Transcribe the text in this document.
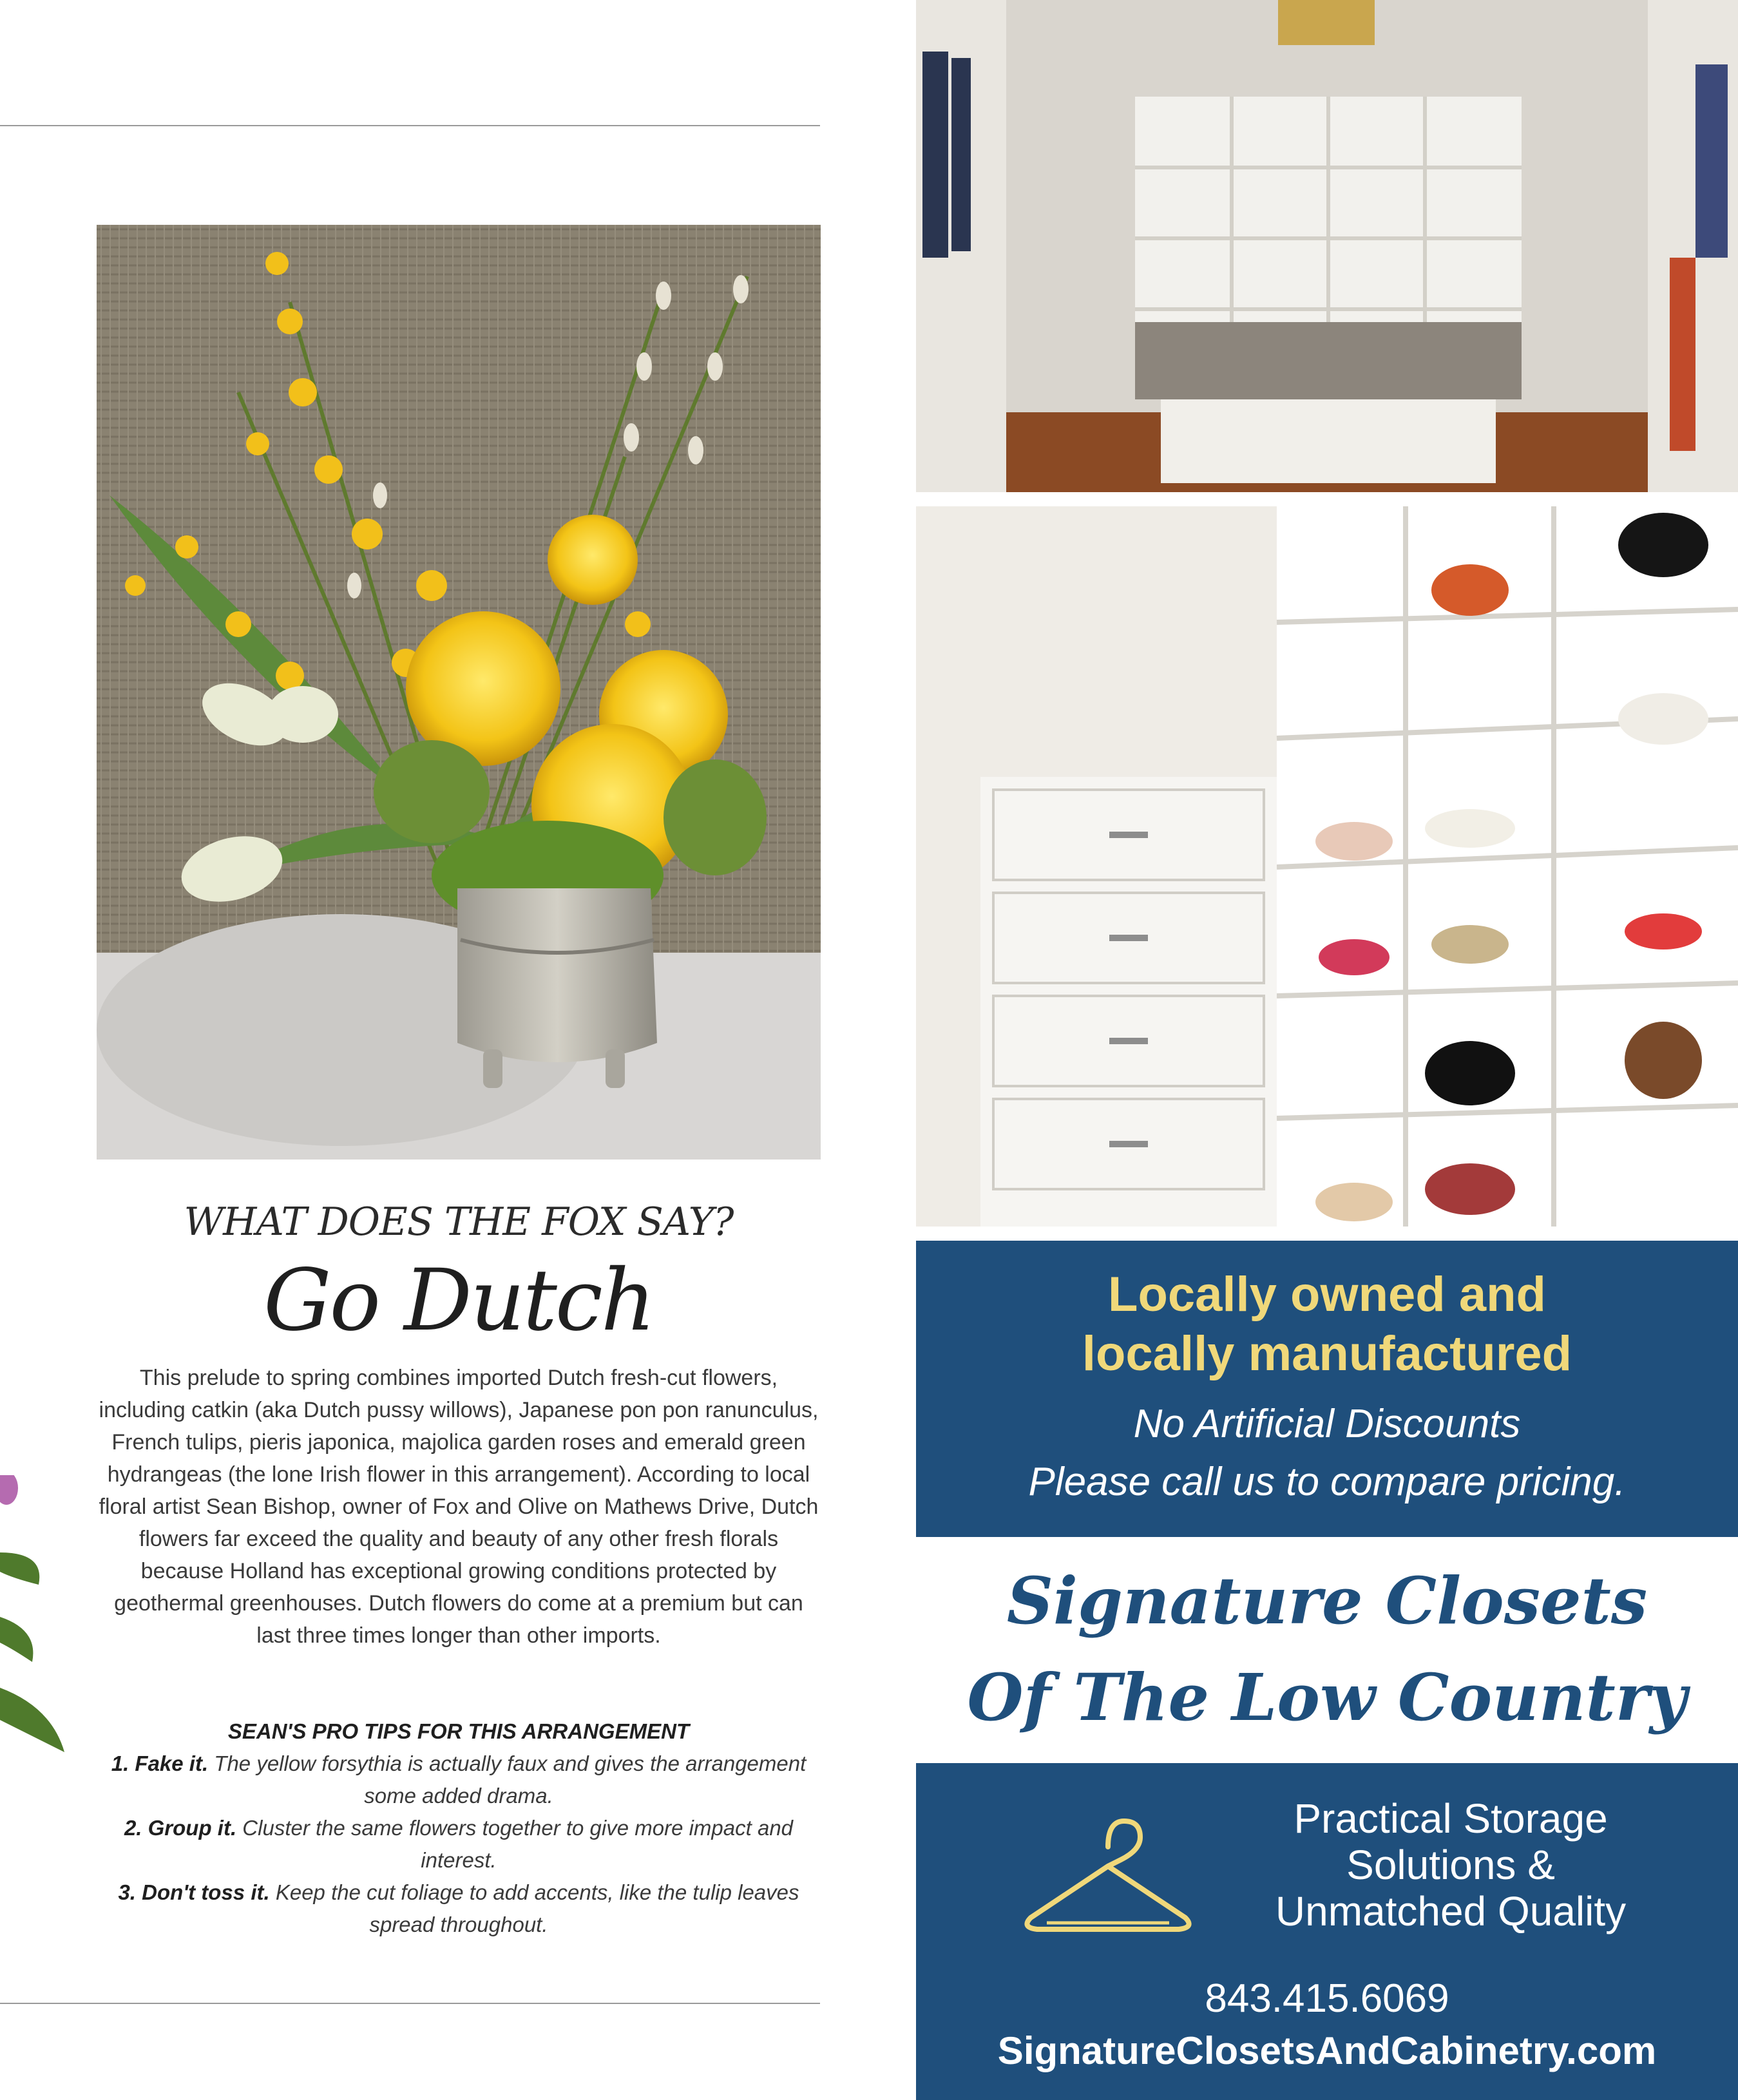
WHAT DOES THE FOX SAY?
Go Dutch

This prelude to spring combines imported Dutch fresh-cut flowers, including catkin (aka Dutch pussy willows), Japanese pon pon ranunculus, French tulips, pieris japonica, majolica garden roses and emerald green hydrangeas (the lone Irish flower in this arrangement). According to local floral artist Sean Bishop, owner of Fox and Olive on Mathews Drive, Dutch flowers far exceed the quality and beauty of any other fresh florals because Holland has exceptional growing conditions protected by geothermal greenhouses. Dutch flowers do come at a premium but can last three times longer than other imports.

SEAN'S PRO TIPS FOR THIS ARRANGEMENT
1. Fake it. The yellow forsythia is actually faux and gives the arrangement some added drama.
2. Group it. Cluster the same flowers together to give more impact and interest.
3. Don't toss it. Keep the cut foliage to add accents, like the tulip leaves spread throughout.
Locally owned and
locally manufactured
No Artificial Discounts
Please call us to compare pricing.
Signature Closets
Of The Low Country
Practical Storage
Solutions &
Unmatched Quality
843.415.6069
SignatureClosetsAndCabinetry.com
